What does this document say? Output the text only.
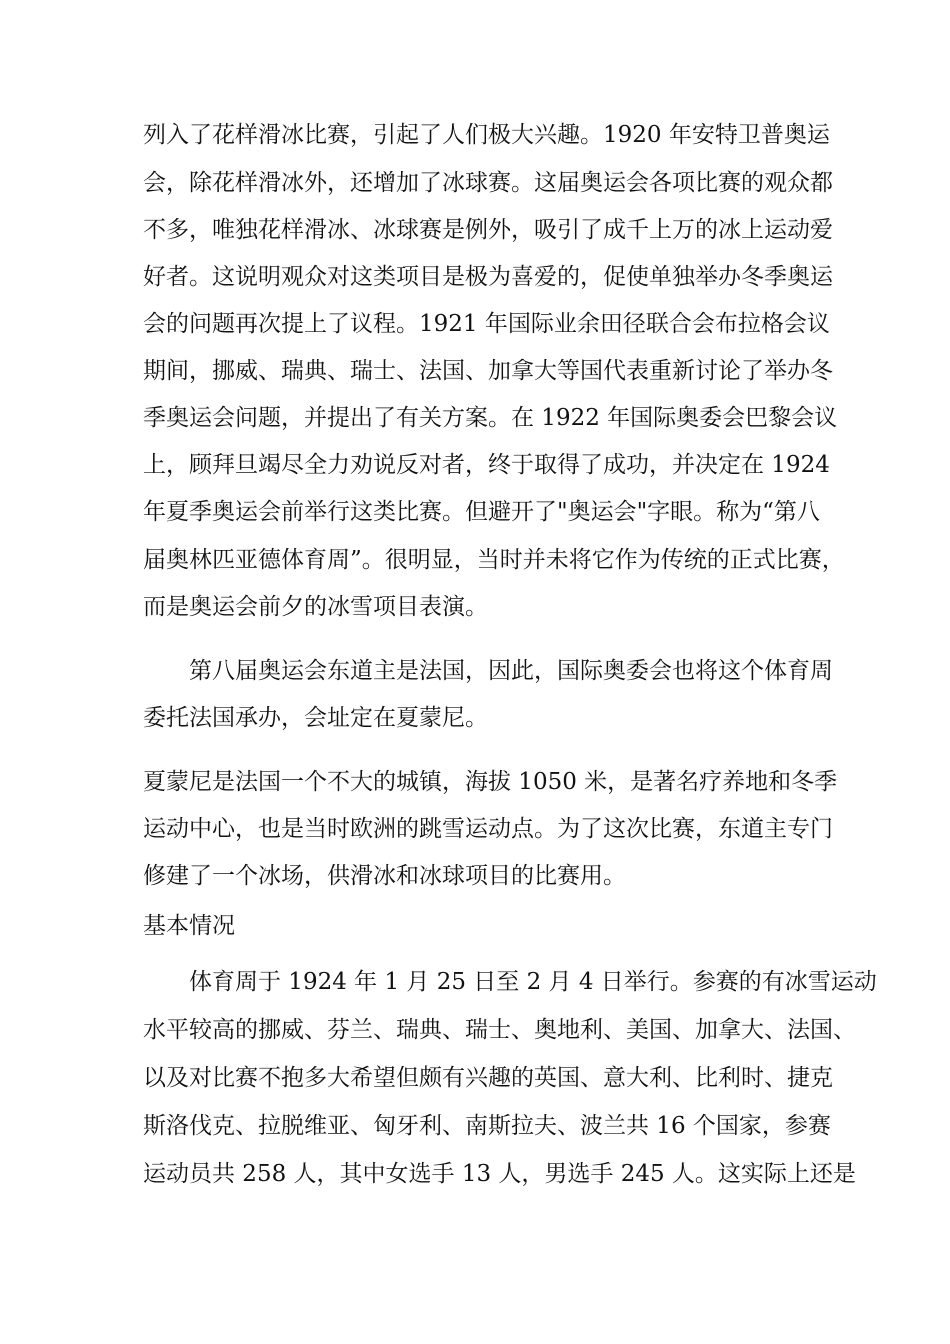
列入了花样滑冰比赛，引起了人们极大兴趣。1920 年安特卫普奥运
会，除花样滑冰外，还增加了冰球赛。这届奥运会各项比赛的观众都
不多，唯独花样滑冰、冰球赛是例外，吸引了成千上万的冰上运动爱
好者。这说明观众对这类项目是极为喜爱的，促使单独举办冬季奥运
会的问题再次提上了议程。1921 年国际业余田径联合会布拉格会议
期间，挪威、瑞典、瑞士、法国、加拿大等国代表重新讨论了举办冬
季奥运会问题，并提出了有关方案。在 1922 年国际奥委会巴黎会议
上，顾拜旦竭尽全力劝说反对者，终于取得了成功，并决定在 1924
年夏季奥运会前举行这类比赛。但避开了"奥运会"字眼。称为“第八
届奥林匹亚德体育周”。很明显，当时并未将它作为传统的正式比赛，
而是奥运会前夕的冰雪项目表演。
第八届奥运会东道主是法国，因此，国际奥委会也将这个体育周
委托法国承办，会址定在夏蒙尼。
夏蒙尼是法国一个不大的城镇，海拔 1050 米，是著名疗养地和冬季
运动中心，也是当时欧洲的跳雪运动点。为了这次比赛，东道主专门
修建了一个冰场，供滑冰和冰球项目的比赛用。
基本情况
体育周于 1924 年 1 月 25 日至 2 月 4 日举行。参赛的有冰雪运动
水平较高的挪威、芬兰、瑞典、瑞士、奥地利、美国、加拿大、法国、
以及对比赛不抱多大希望但颇有兴趣的英国、意大利、比利时、捷克
斯洛伐克、拉脱维亚、匈牙利、南斯拉夫、波兰共 16 个国家，参赛
运动员共 258 人，其中女选手 13 人，男选手 245 人。这实际上还是
